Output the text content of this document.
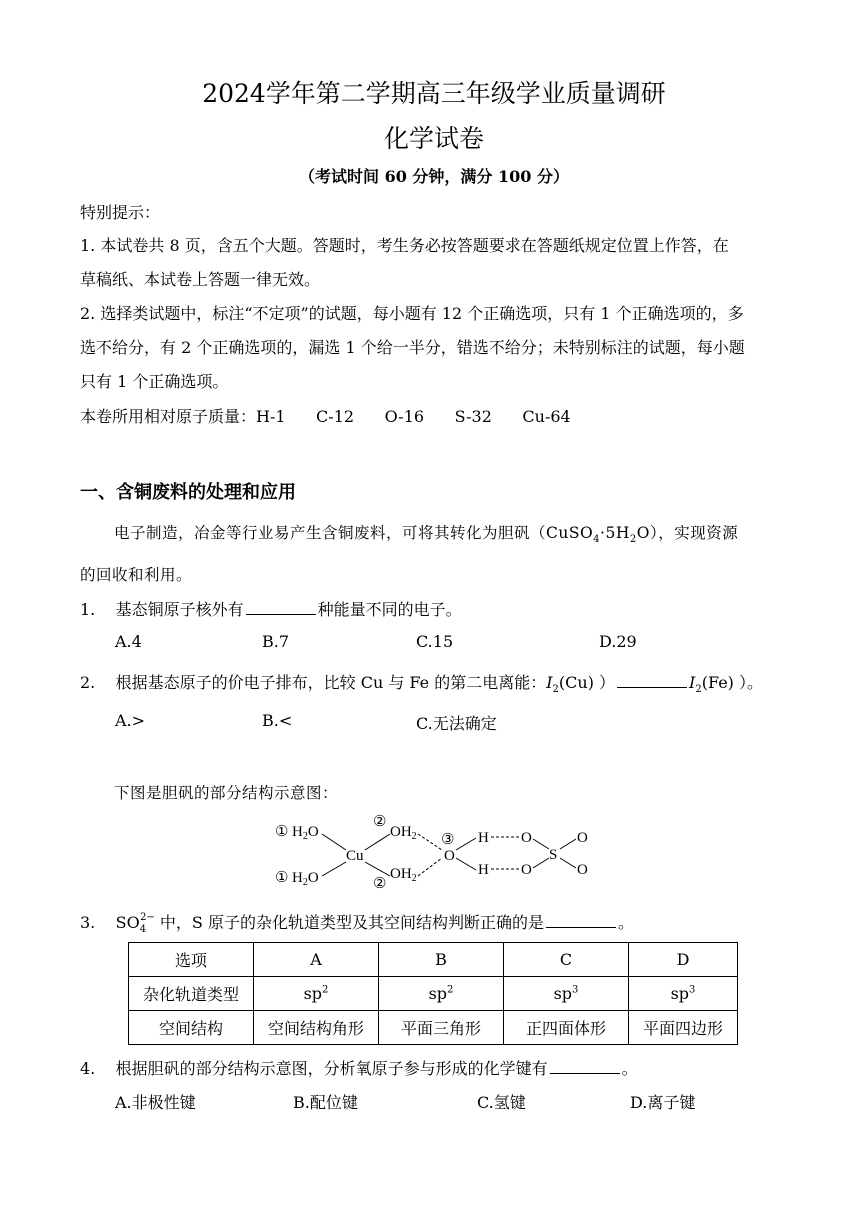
2024学年第二学期高三年级学业质量调研
化学试卷
（考试时间 60 分钟，满分 100 分）
特别提示：
1. 本试卷共 8 页，含五个大题。答题时，考生务必按答题要求在答题纸规定位置上作答，在
草稿纸、本试卷上答题一律无效。
2. 选择类试题中，标注“不定项”的试题，每小题有 12 个正确选项，只有 1 个正确选项的，多
选不给分，有 2 个正确选项的，漏选 1 个给一半分，错选不给分；未特别标注的试题，每小题
只有 1 个正确选项。
本卷所用相对原子质量：H-1      C-12      O-16      S-32      Cu-64
一、含铜废料的处理和应用
电子制造，冶金等行业易产生含铜废料，可将其转化为胆矾$(CuSO_4\cdot 5H_2O)$，实现资源
的回收和利用。
1. 基态铜原子核外有	种能量不同的电子。
A.4	B.7	C.15	D.29
2. 根据基态原子的价电子排布，比较 Cu 与 Fe 的第二电离能：$I_2(Cu)$ ）	$I_2(Fe)$ ）。
A.>	B.<	C.无法确定
下图是胆矾的部分结构示意图：
① $H_2O$
① $H_2O$
Cu
②
$OH_2$
②
$OH_2$
③
O
H
H
O
O
S
O
O
3. $SO_4^{2-}$ 中，S 原子的杂化轨道类型及其空间结构判断正确的是	。
选项	A	B	C	D
杂化轨道类型	$sp^2$	$sp^2$	$sp^3$	$sp^3$
空间结构	空间结构角形	平面三角形	正四面体形	平面四边形
4. 根据胆矾的部分结构示意图，分析氧原子参与形成的化学键有	。
A.非极性键	B.配位键	C.氢键	D.离子键
